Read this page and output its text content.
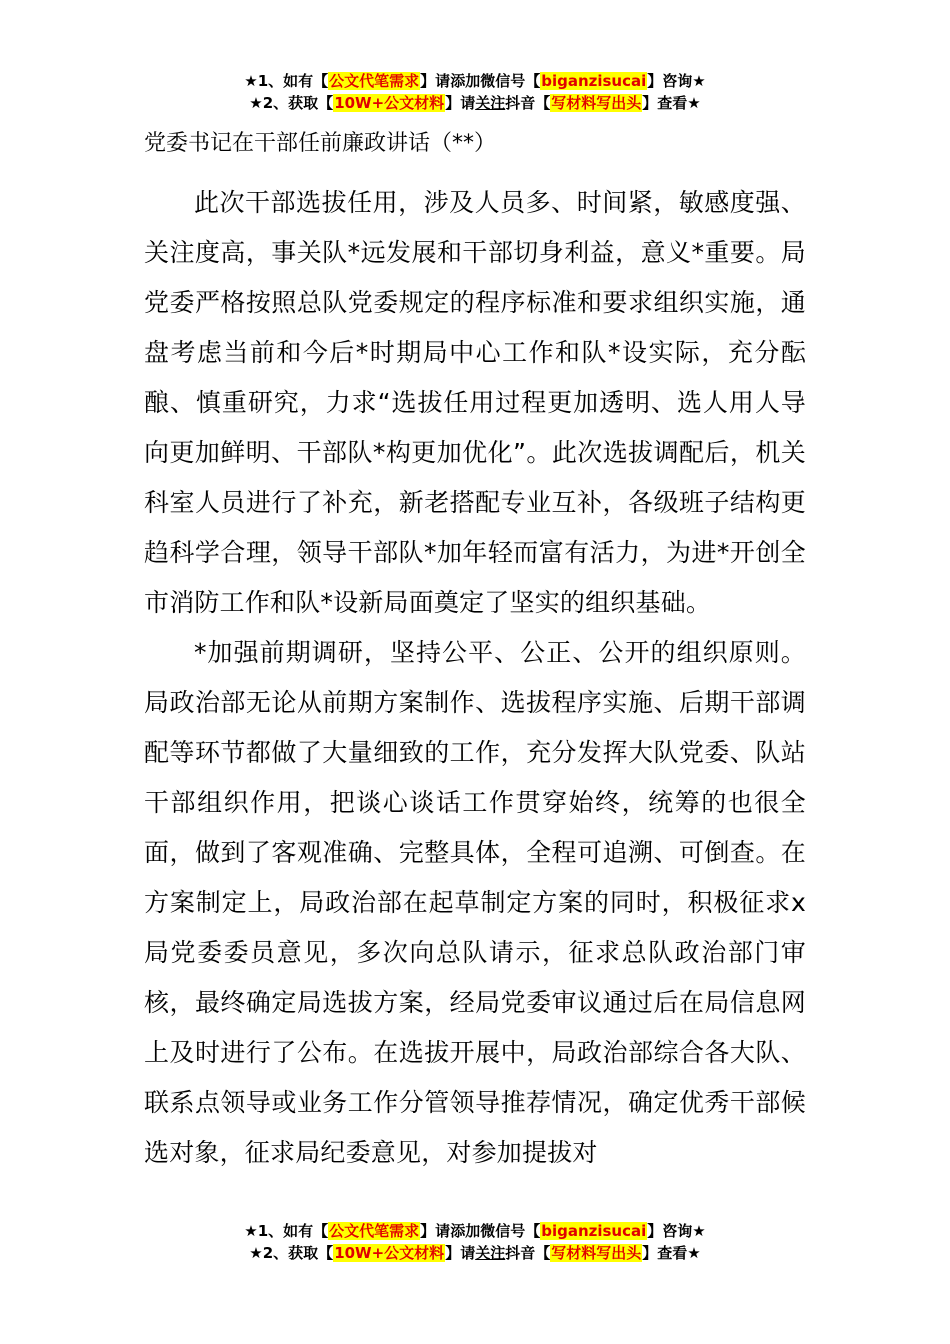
★1、如有【公文代笔需求】请添加微信号【biganzisucai】咨询★
★2、获取【10W+公文材料】请关注抖音【写材料写出头】查看★
党委书记在干部任前廉政讲话（**）

此次干部选拔任用，涉及人员多、时间紧，敏感度强、关注度高，事关队*远发展和干部切身利益，意义*重要。局党委严格按照总队党委规定的程序标准和要求组织实施，通盘考虑当前和今后*时期局中心工作和队*设实际，充分酝酿、慎重研究，力求“选拔任用过程更加透明、选人用人导向更加鲜明、干部队*构更加优化”。此次选拔调配后，机关科室人员进行了补充，新老搭配专业互补，各级班子结构更趋科学合理，领导干部队*加年轻而富有活力，为进*开创全市消防工作和队*设新局面奠定了坚实的组织基础。

*加强前期调研，坚持公平、公正、公开的组织原则。局政治部无论从前期方案制作、选拔程序实施、后期干部调配等环节都做了大量细致的工作，充分发挥大队党委、队站干部组织作用，把谈心谈话工作贯穿始终，统筹的也很全面，做到了客观准确、完整具体，全程可追溯、可倒查。在方案制定上，局政治部在起草制定方案的同时，积极征求x局党委委员意见，多次向总队请示，征求总队政治部门审核，最终确定局选拔方案，经局党委审议通过后在局信息网上及时进行了公布。在选拔开展中，局政治部综合各大队、联系点领导或业务工作分管领导推荐情况，确定优秀干部候选对象，征求局纪委意见，对参加提拔对

★1、如有【公文代笔需求】请添加微信号【biganzisucai】咨询★
★2、获取【10W+公文材料】请关注抖音【写材料写出头】查看★
